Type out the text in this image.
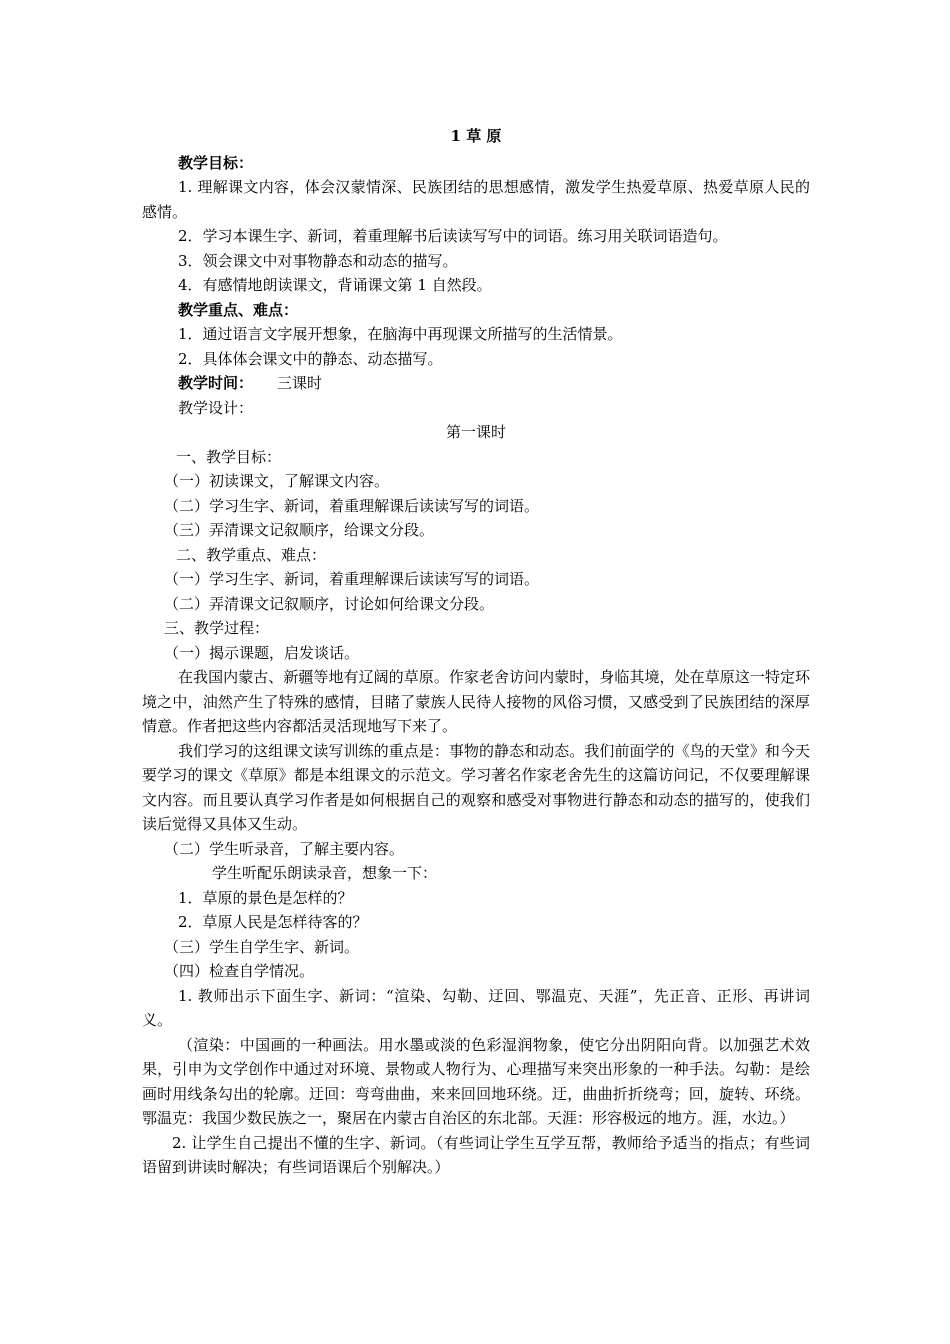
1 草 原

教学目标：

1. 理解课文内容，体会汉蒙情深、民族团结的思想感情，激发学生热爱草原、热爱草原人民的感情。

2．学习本课生字、新词，着重理解书后读读写写中的词语。练习用关联词语造句。

3．领会课文中对事物静态和动态的描写。

4．有感情地朗读课文，背诵课文第 1 自然段。

教学重点、难点：

1．通过语言文字展开想象，在脑海中再现课文所描写的生活情景。

2．具体体会课文中的静态、动态描写。

教学时间： 三课时

教学设计：

第一课时

一、教学目标：

（一）初读课文，了解课文内容。

（二）学习生字、新词，着重理解课后读读写写的词语。

（三）弄清课文记叙顺序，给课文分段。

二、教学重点、难点：

（一）学习生字、新词，着重理解课后读读写写的词语。

（二）弄清课文记叙顺序，讨论如何给课文分段。

三、教学过程：

（一）揭示课题，启发谈话。

在我国内蒙古、新疆等地有辽阔的草原。作家老舍访问内蒙时，身临其境，处在草原这一特定环境之中，油然产生了特殊的感情，目睹了蒙族人民待人接物的风俗习惯，又感受到了民族团结的深厚情意。作者把这些内容都活灵活现地写下来了。

我们学习的这组课文读写训练的重点是：事物的静态和动态。我们前面学的《鸟的天堂》和今天要学习的课文《草原》都是本组课文的示范文。学习著名作家老舍先生的这篇访问记，不仅要理解课文内容。而且要认真学习作者是如何根据自己的观察和感受对事物进行静态和动态的描写的，使我们读后觉得又具体又生动。

（二）学生听录音，了解主要内容。

学生听配乐朗读录音，想象一下：

1．草原的景色是怎样的？

2．草原人民是怎样待客的？

（三）学生自学生字、新词。

（四）检查自学情况。

1. 教师出示下面生字、新词：“渲染、勾勒、迂回、鄂温克、天涯”，先正音、正形、再讲词义。

（渲染：中国画的一种画法。用水墨或淡的色彩湿润物象，使它分出阴阳向背。以加强艺术效果，引申为文学创作中通过对环境、景物或人物行为、心理描写来突出形象的一种手法。勾勒：是绘画时用线条勾出的轮廓。迂回：弯弯曲曲，来来回回地环绕。迂，曲曲折折绕弯；回，旋转、环绕。鄂温克：我国少数民族之一，聚居在内蒙古自治区的东北部。天涯：形容极远的地方。涯，水边。）

2. 让学生自己提出不懂的生字、新词。（有些词让学生互学互帮，教师给予适当的指点；有些词语留到讲读时解决；有些词语课后个别解决。）
